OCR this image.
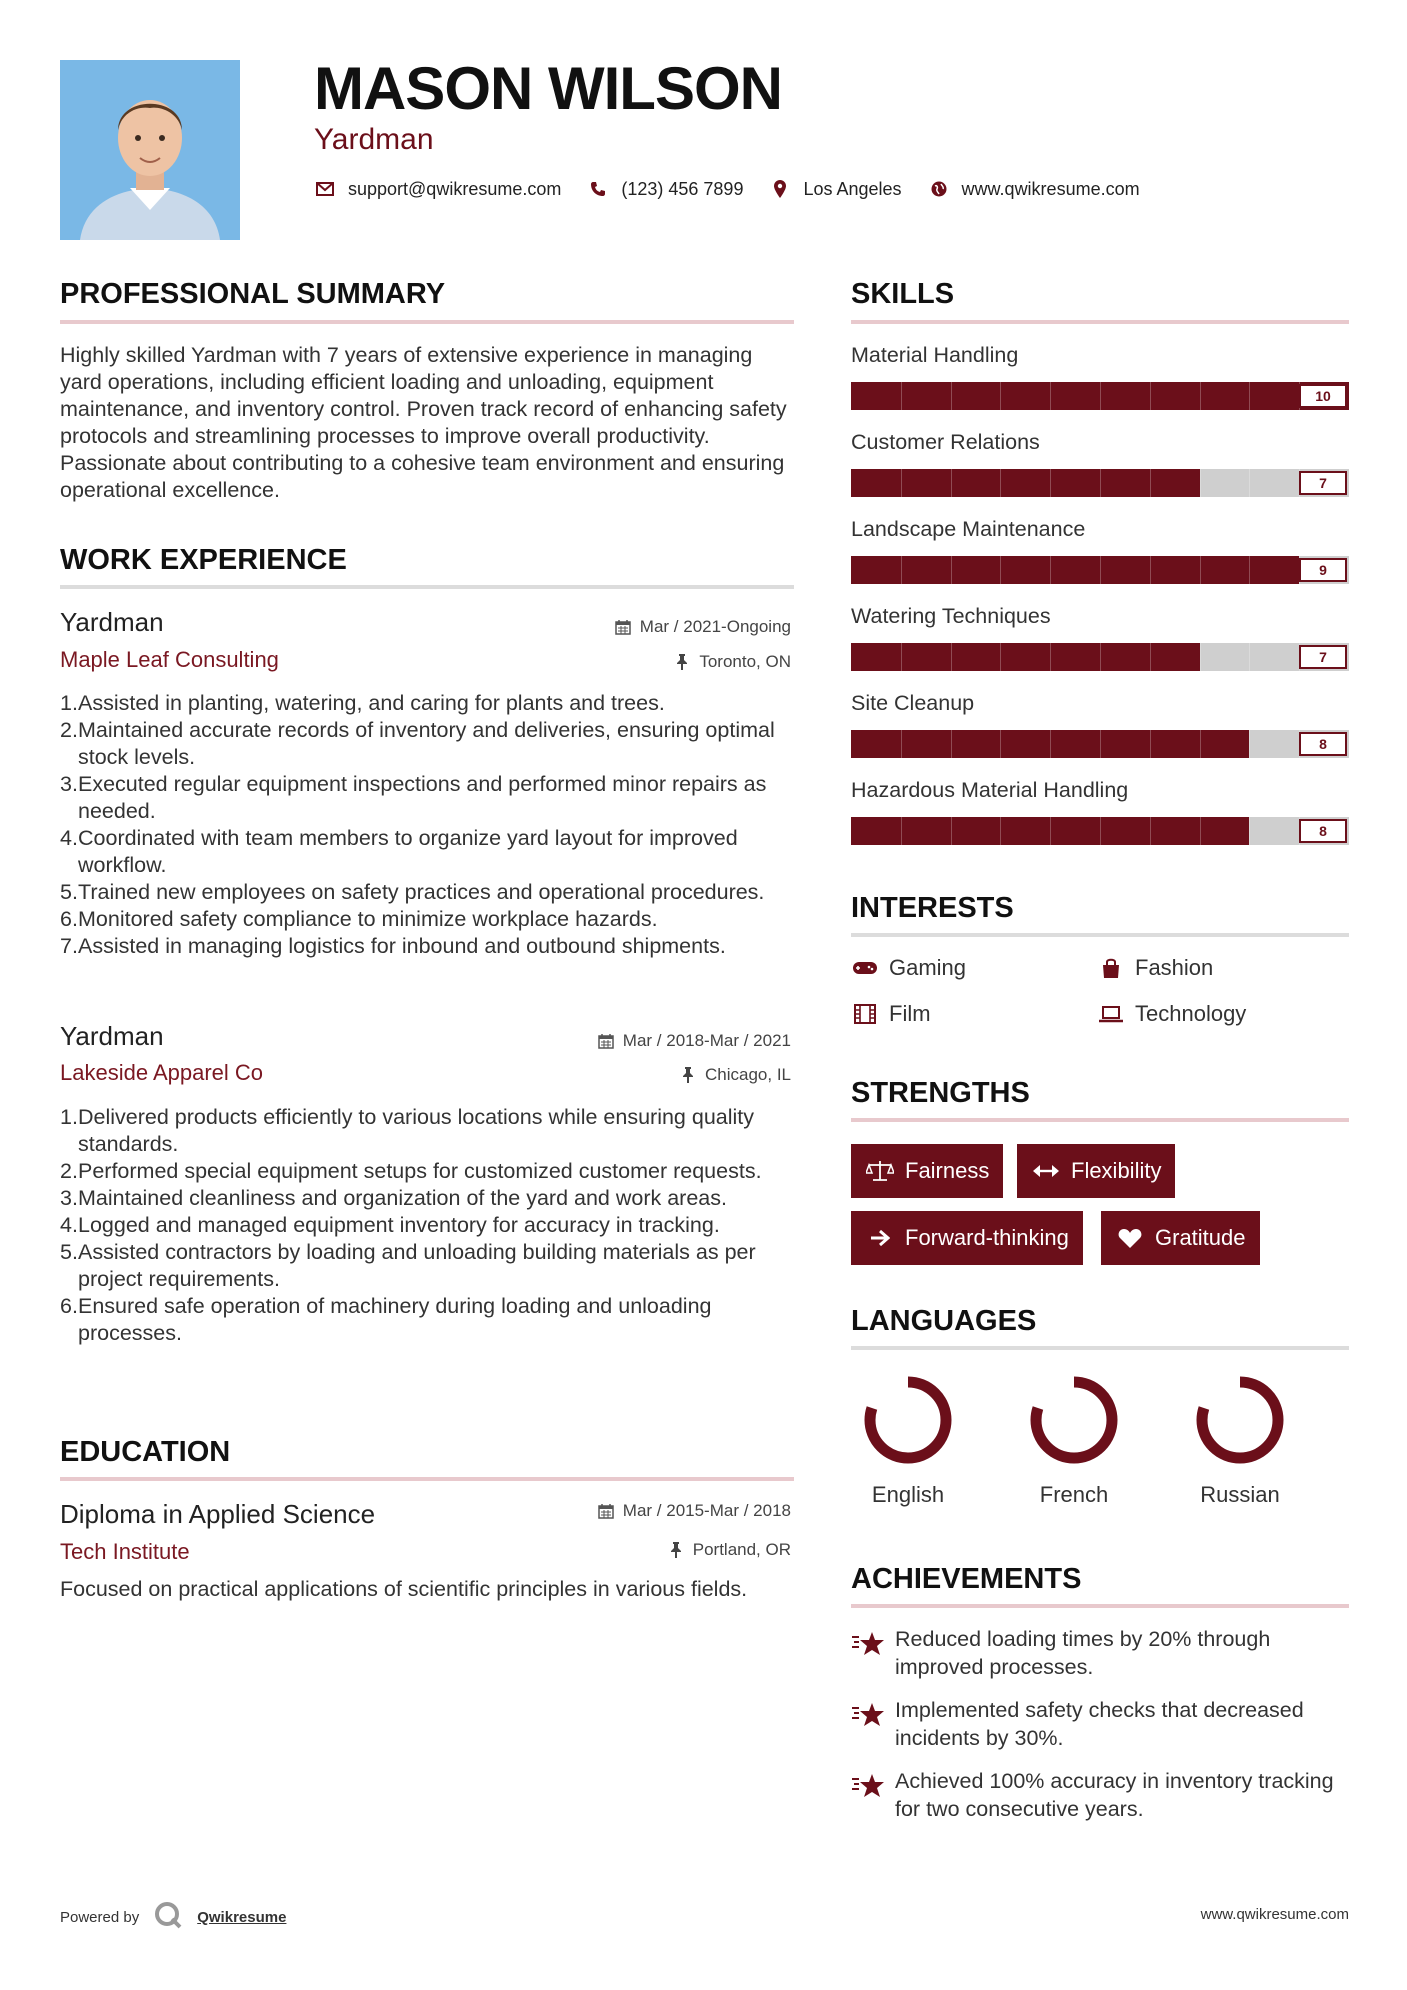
MASON WILSON
Yardman
support@qwikresume.com	(123) 456 7899	Los Angeles	www.qwikresume.com
PROFESSIONAL SUMMARY
Highly skilled Yardman with 7 years of extensive experience in managing yard operations, including efficient loading and unloading, equipment maintenance, and inventory control. Proven track record of enhancing safety protocols and streamlining processes to improve overall productivity. Passionate about contributing to a cohesive team environment and ensuring operational excellence.
WORK EXPERIENCE
Yardman	Mar / 2021-Ongoing
Maple Leaf Consulting	Toronto, ON
1. Assisted in planting, watering, and caring for plants and trees.
2. Maintained accurate records of inventory and deliveries, ensuring optimal stock levels.
3. Executed regular equipment inspections and performed minor repairs as needed.
4. Coordinated with team members to organize yard layout for improved workflow.
5. Trained new employees on safety practices and operational procedures.
6. Monitored safety compliance to minimize workplace hazards.
7. Assisted in managing logistics for inbound and outbound shipments.
Yardman	Mar / 2018-Mar / 2021
Lakeside Apparel Co	Chicago, IL
1. Delivered products efficiently to various locations while ensuring quality standards.
2. Performed special equipment setups for customized customer requests.
3. Maintained cleanliness and organization of the yard and work areas.
4. Logged and managed equipment inventory for accuracy in tracking.
5. Assisted contractors by loading and unloading building materials as per project requirements.
6. Ensured safe operation of machinery during loading and unloading processes.
EDUCATION
Diploma in Applied Science	Mar / 2015-Mar / 2018
Tech Institute	Portland, OR
Focused on practical applications of scientific principles in various fields.
SKILLS
Material Handling
10
Customer Relations
7
Landscape Maintenance
9
Watering Techniques
7
Site Cleanup
8
Hazardous Material Handling
8
INTERESTS
Gaming	Fashion
Film	Technology
STRENGTHS
Fairness	Flexibility
Forward-thinking	Gratitude
LANGUAGES
English	French	Russian
ACHIEVEMENTS
Reduced loading times by 20% through improved processes.
Implemented safety checks that decreased incidents by 30%.
Achieved 100% accuracy in inventory tracking for two consecutive years.
Powered by	Qwikresume	www.qwikresume.com
